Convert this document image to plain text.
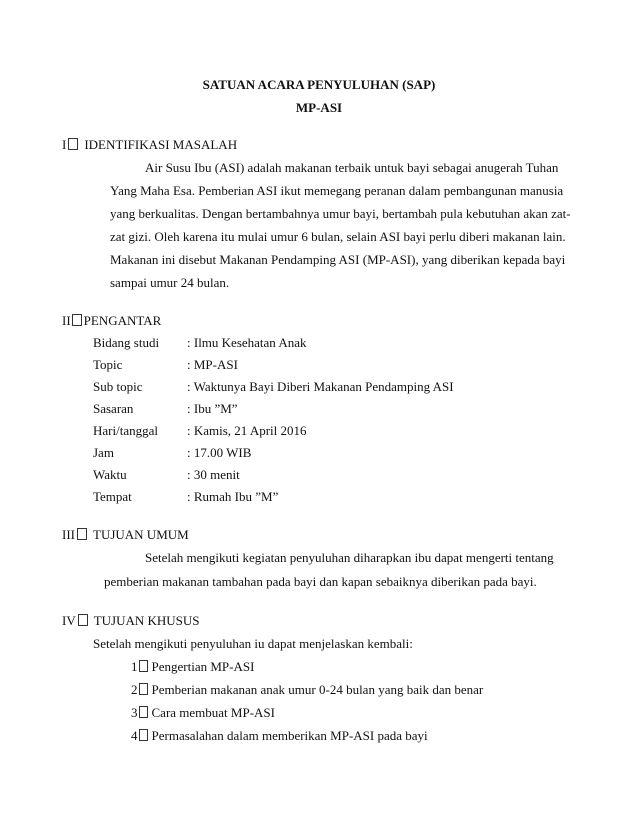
SATUAN ACARA PENYULUHAN (SAP)
MP-ASI
I IDENTIFIKASI MASALAH
Air Susu Ibu (ASI) adalah makanan terbaik untuk bayi sebagai anugerah Tuhan
Yang Maha Esa. Pemberian ASI ikut memegang peranan dalam pembangunan manusia
yang berkualitas. Dengan bertambahnya umur bayi, bertambah pula kebutuhan akan zat-
zat gizi. Oleh karena itu mulai umur 6 bulan, selain ASI bayi perlu diberi makanan lain.
Makanan ini disebut Makanan Pendamping ASI (MP-ASI), yang diberikan kepada bayi
sampai umur 24 bulan.
II PENGANTAR
Bidang studi : Ilmu Kesehatan Anak
Topic	: MP-ASI
Sub topic	: Waktunya Bayi Diberi Makanan Pendamping ASI
Sasaran	: Ibu ”M”
Hari/tanggal : Kamis, 21 April 2016
Jam	: 17.00 WIB
Waktu	: 30 menit
Tempat	: Rumah Ibu ”M”
III TUJUAN UMUM
Setelah mengikuti kegiatan penyuluhan diharapkan ibu dapat mengerti tentang
pemberian makanan tambahan pada bayi dan kapan sebaiknya diberikan pada bayi.
IV TUJUAN KHUSUS
Setelah mengikuti penyuluhan iu dapat menjelaskan kembali:
1 Pengertian MP-ASI
2 Pemberian makanan anak umur 0-24 bulan yang baik dan benar
3 Cara membuat MP-ASI
4 Permasalahan dalam memberikan MP-ASI pada bayi
